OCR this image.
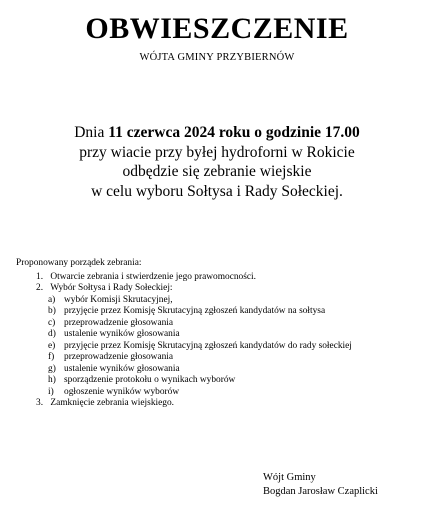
OBWIESZCZENIE
WÓJTA GMINY PRZYBIERNÓW
Dnia 11 czerwca 2024 roku o godzinie 17.00
przy wiacie przy byłej hydroforni w Rokicie
odbędzie się zebranie wiejskie
w celu wyboru Sołtysa i Rady Sołeckiej.
Proponowany porządek zebrania:
1. Otwarcie zebrania i stwierdzenie jego prawomocności.
2. Wybór Sołtysa i Rady Sołeckiej:
a) wybór Komisji Skrutacyjnej,
b) przyjęcie przez Komisję Skrutacyjną zgłoszeń kandydatów na sołtysa
c) przeprowadzenie głosowania
d) ustalenie wyników głosowania
e) przyjęcie przez Komisję Skrutacyjną zgłoszeń kandydatów do rady sołeckiej
f) przeprowadzenie głosowania
g) ustalenie wyników głosowania
h) sporządzenie protokołu o wynikach wyborów
i) ogłoszenie wyników wyborów
3. Zamknięcie zebrania wiejskiego.
Wójt Gminy
Bogdan Jarosław Czaplicki
